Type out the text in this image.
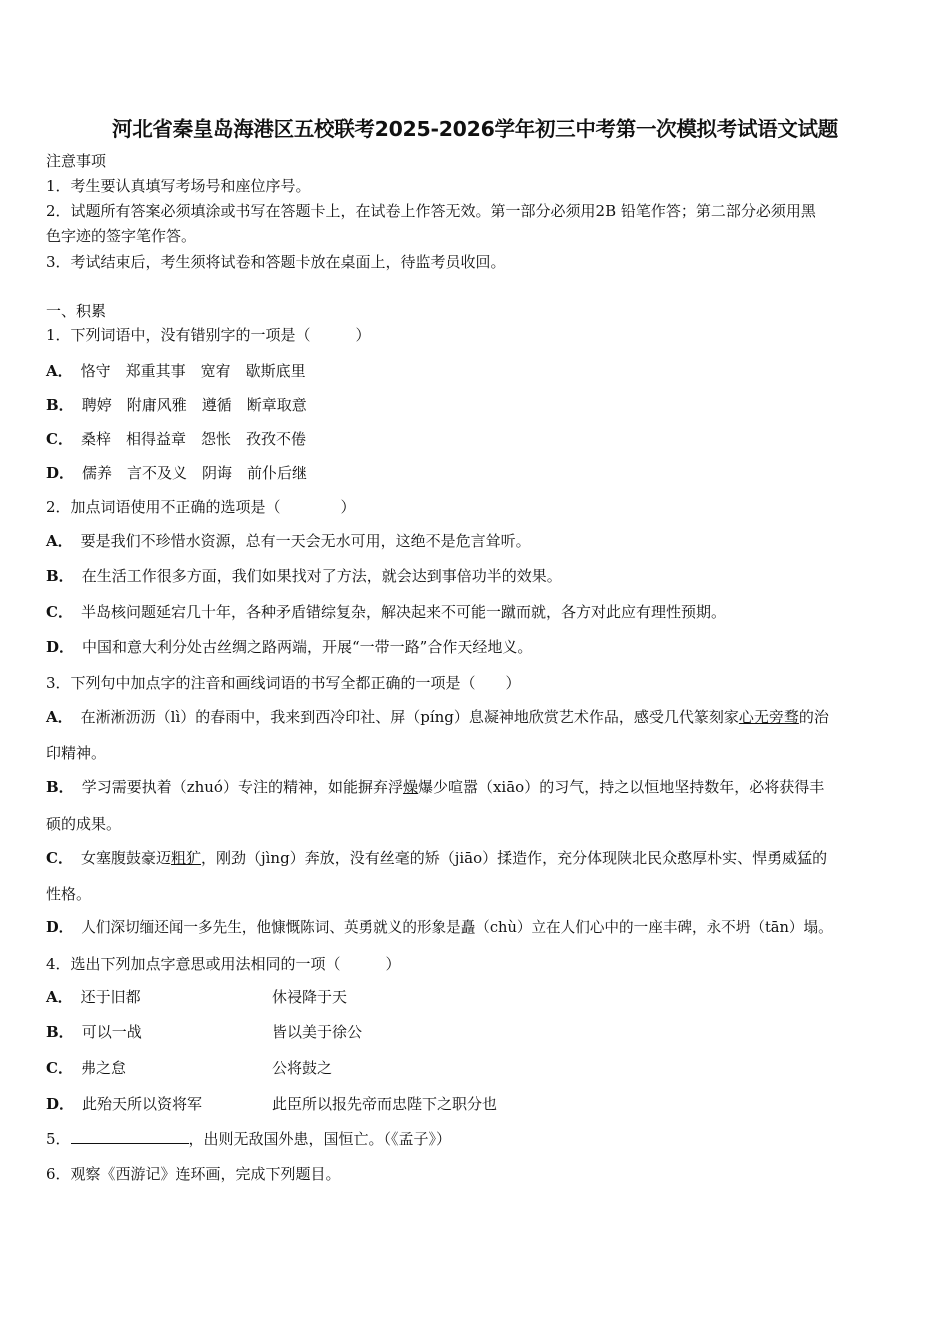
河北省秦皇岛海港区五校联考2025-2026学年初三中考第一次模拟考试语文试题
注意事项
1．考生要认真填写考场号和座位序号。
2．试题所有答案必须填涂或书写在答题卡上，在试卷上作答无效。第一部分必须用2B 铅笔作答；第二部分必须用黑
色字迹的签字笔作答。
3．考试结束后，考生须将试卷和答题卡放在桌面上，待监考员收回。
一、积累
1．下列词语中，没有错别字的一项是（　　　）
A． 恪守　郑重其事　宽宥　歇斯底里
B． 聘婷　附庸风雅　遵循　断章取意
C． 桑梓　相得益章　怨怅　孜孜不倦
D． 儒养　言不及义　阴诲　前仆后继
2．加点词语使用不正确的选项是（　　　　）
A． 要是我们不珍惜水资源，总有一天会无水可用，这绝不是危言耸听。
B． 在生活工作很多方面，我们如果找对了方法，就会达到事倍功半的效果。
C． 半岛核问题延宕几十年，各种矛盾错综复杂，解决起来不可能一蹴而就，各方对此应有理性预期。
D． 中国和意大利分处古丝绸之路两端，开展“一带一路”合作天经地义。
3．下列句中加点字的注音和画线词语的书写全都正确的一项是（　　）
A． 在淅淅沥沥（lì）的春雨中，我来到西冷印社、屏（píng）息凝神地欣赏艺术作品，感受几代篆刻家心无旁骛的治
印精神。
B． 学习需要执着（zhuó）专注的精神，如能摒弃浮燥爆少喧嚣（xiāo）的习气，持之以恒地坚持数年，必将获得丰
硕的成果。
C． 女塞腹鼓豪迈粗犷，刚劲（jìng）奔放，没有丝毫的矫（jiāo）揉造作，充分体现陕北民众憨厚朴实、悍勇威猛的
性格。
D． 人们深切缅还闻一多先生，他慷慨陈词、英勇就义的形象是矗（chù）立在人们心中的一座丰碑，永不坍（tān）塌。
4．选出下列加点字意思或用法相同的一项（　　　）
A． 还于旧都	休祲降于天
B． 可以一战	皆以美于徐公
C． 弗之怠	公将鼓之
D． 此殆天所以资将军	此臣所以报先帝而忠陛下之职分也
5．	，出则无敌国外患，国恒亡。（《孟子》）
6．观察《西游记》连环画，完成下列题目。
